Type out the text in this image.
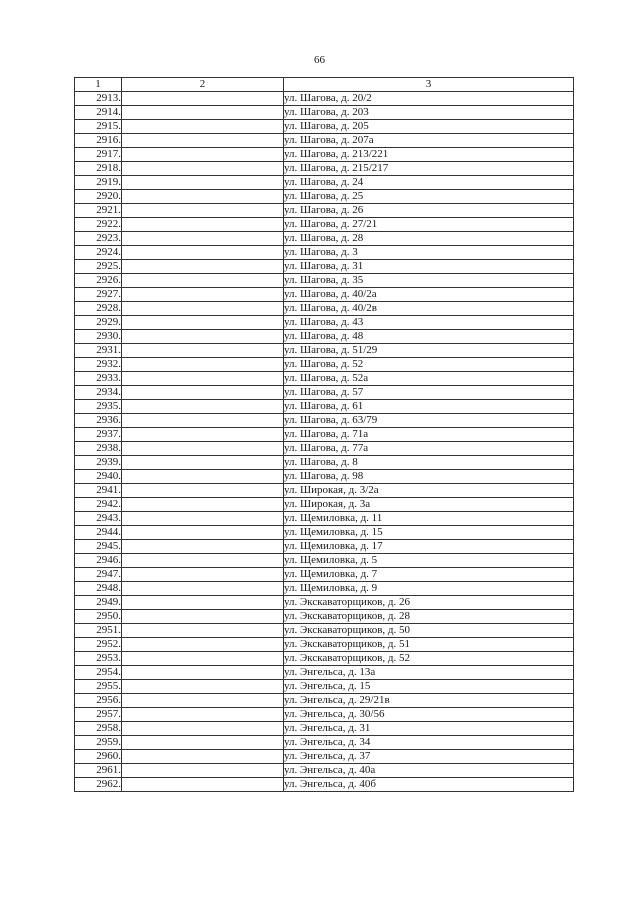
66
1	2	3
2913.		ул. Шагова, д. 20/2
2914.		ул. Шагова, д. 203
2915.		ул. Шагова, д. 205
2916.		ул. Шагова, д. 207а
2917.		ул. Шагова, д. 213/221
2918.		ул. Шагова, д. 215/217
2919.		ул. Шагова, д. 24
2920.		ул. Шагова, д. 25
2921.		ул. Шагова, д. 26
2922.		ул. Шагова, д. 27/21
2923.		ул. Шагова, д. 28
2924.		ул. Шагова, д. 3
2925.		ул. Шагова, д. 31
2926.		ул. Шагова, д. 35
2927.		ул. Шагова, д. 40/2а
2928.		ул. Шагова, д. 40/2в
2929.		ул. Шагова, д. 43
2930.		ул. Шагова, д. 48
2931.		ул. Шагова, д. 51/29
2932.		ул. Шагова, д. 52
2933.		ул. Шагова, д. 52а
2934.		ул. Шагова, д. 57
2935.		ул. Шагова, д. 61
2936.		ул. Шагова, д. 63/79
2937.		ул. Шагова, д. 71а
2938.		ул. Шагова, д. 77а
2939.		ул. Шагова, д. 8
2940.		ул. Шагова, д. 98
2941.		ул. Широкая, д. 3/2а
2942.		ул. Широкая, д. 3а
2943.		ул. Щемиловка, д. 11
2944.		ул. Щемиловка, д. 15
2945.		ул. Щемиловка, д. 17
2946.		ул. Щемиловка, д. 5
2947.		ул. Щемиловка, д. 7
2948.		ул. Щемиловка, д. 9
2949.		ул. Экскаваторщиков, д. 26
2950.		ул. Экскаваторщиков, д. 28
2951.		ул. Экскаваторщиков, д. 50
2952.		ул. Экскаваторщиков, д. 51
2953.		ул. Экскаваторщиков, д. 52
2954.		ул. Энгельса, д. 13а
2955.		ул. Энгельса, д. 15
2956.		ул. Энгельса, д. 29/21в
2957.		ул. Энгельса, д. 30/56
2958.		ул. Энгельса, д. 31
2959.		ул. Энгельса, д. 34
2960.		ул. Энгельса, д. 37
2961.		ул. Энгельса, д. 40а
2962.		ул. Энгельса, д. 40б
